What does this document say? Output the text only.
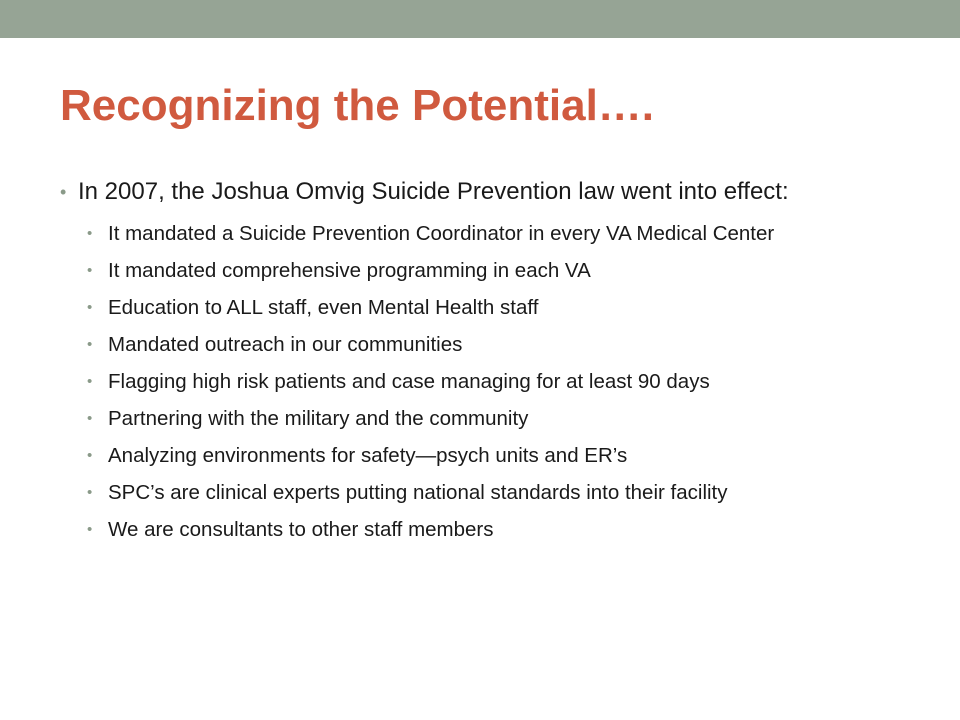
Recognizing the Potential….
• In 2007, the Joshua Omvig Suicide Prevention law went into effect:
• It mandated a Suicide Prevention Coordinator in every VA Medical Center
• It mandated comprehensive programming in each VA
• Education to ALL staff, even Mental Health staff
• Mandated outreach in our communities
• Flagging high risk patients and case managing for at least 90 days
• Partnering with the military and the community
• Analyzing environments for safety—psych units and ER’s
• SPC’s are clinical experts putting national standards into their facility
• We are consultants to other staff members
